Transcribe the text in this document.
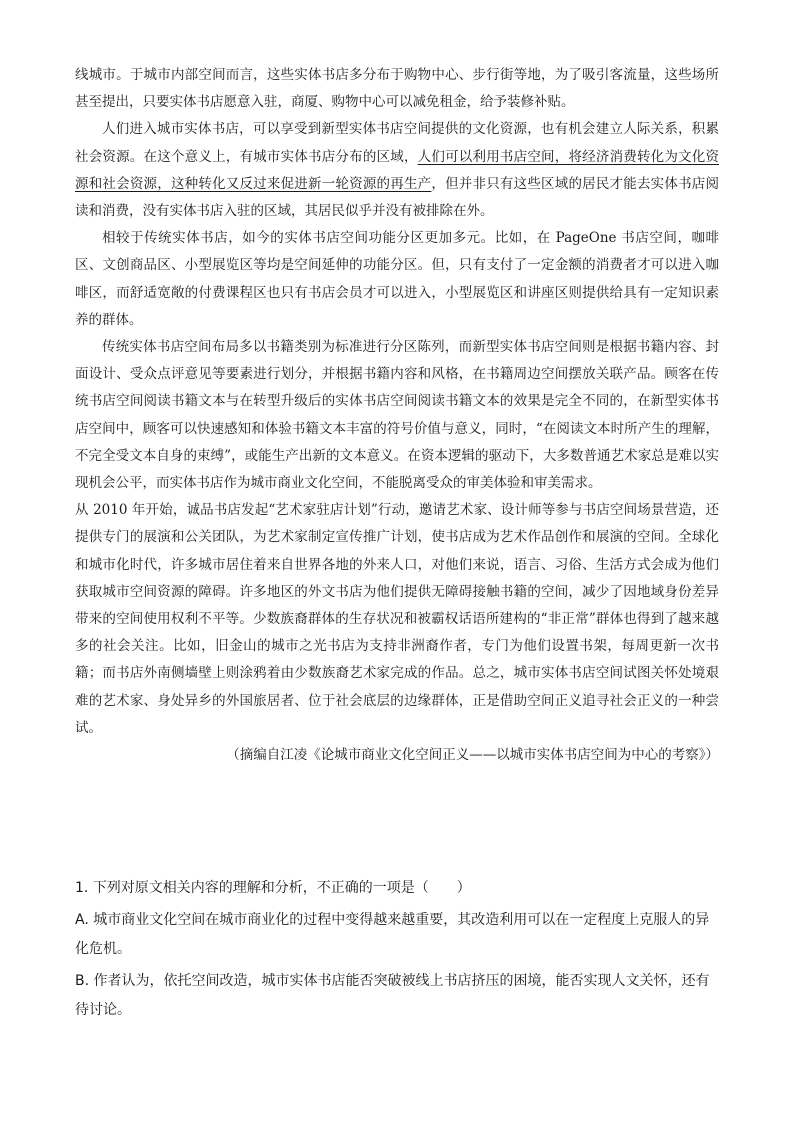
线城市。于城市内部空间而言，这些实体书店多分布于购物中心、步行街等地，为了吸引客流量，这些场所甚至提出，只要实体书店愿意入驻，商厦、购物中心可以减免租金，给予装修补贴。

人们进入城市实体书店，可以享受到新型实体书店空间提供的文化资源，也有机会建立人际关系，积累社会资源。在这个意义上，有城市实体书店分布的区域，人们可以利用书店空间，将经济消费转化为文化资源和社会资源，这种转化又反过来促进新一轮资源的再生产，但并非只有这些区域的居民才能去实体书店阅读和消费，没有实体书店入驻的区域，其居民似乎并没有被排除在外。

相较于传统实体书店，如今的实体书店空间功能分区更加多元。比如，在 PageOne 书店空间，咖啡区、文创商品区、小型展览区等均是空间延伸的功能分区。但，只有支付了一定金额的消费者才可以进入咖啡区，而舒适宽敞的付费课程区也只有书店会员才可以进入，小型展览区和讲座区则提供给具有一定知识素养的群体。

传统实体书店空间布局多以书籍类别为标准进行分区陈列，而新型实体书店空间则是根据书籍内容、封面设计、受众点评意见等要素进行划分，并根据书籍内容和风格，在书籍周边空间摆放关联产品。顾客在传统书店空间阅读书籍文本与在转型升级后的实体书店空间阅读书籍文本的效果是完全不同的，在新型实体书店空间中，顾客可以快速感知和体验书籍文本丰富的符号价值与意义，同时，“在阅读文本时所产生的理解，不完全受文本自身的束缚”，或能生产出新的文本意义。在资本逻辑的驱动下，大多数普通艺术家总是难以实现机会公平，而实体书店作为城市商业文化空间，不能脱离受众的审美体验和审美需求。

从 2010 年开始，诚品书店发起“艺术家驻店计划”行动，邀请艺术家、设计师等参与书店空间场景营造，还提供专门的展演和公关团队，为艺术家制定宣传推广计划，使书店成为艺术作品创作和展演的空间。全球化和城市化时代，许多城市居住着来自世界各地的外来人口，对他们来说，语言、习俗、生活方式会成为他们获取城市空间资源的障碍。许多地区的外文书店为他们提供无障碍接触书籍的空间，减少了因地域身份差异带来的空间使用权利不平等。少数族裔群体的生存状况和被霸权话语所建构的“非正常”群体也得到了越来越多的社会关注。比如，旧金山的城市之光书店为支持非洲裔作者，专门为他们设置书架，每周更新一次书籍；而书店外南侧墙壁上则涂鸦着由少数族裔艺术家完成的作品。总之，城市实体书店空间试图关怀处境艰难的艺术家、身处异乡的外国旅居者、位于社会底层的边缘群体，正是借助空间正义追寻社会正义的一种尝试。

（摘编自江凌《论城市商业文化空间正义——以城市实体书店空间为中心的考察》）

1. 下列对原文相关内容的理解和分析，不正确的一项是（　　）

A. 城市商业文化空间在城市商业化的过程中变得越来越重要，其改造利用可以在一定程度上克服人的异化危机。

B. 作者认为，依托空间改造，城市实体书店能否突破被线上书店挤压的困境，能否实现人文关怀，还有待讨论。
